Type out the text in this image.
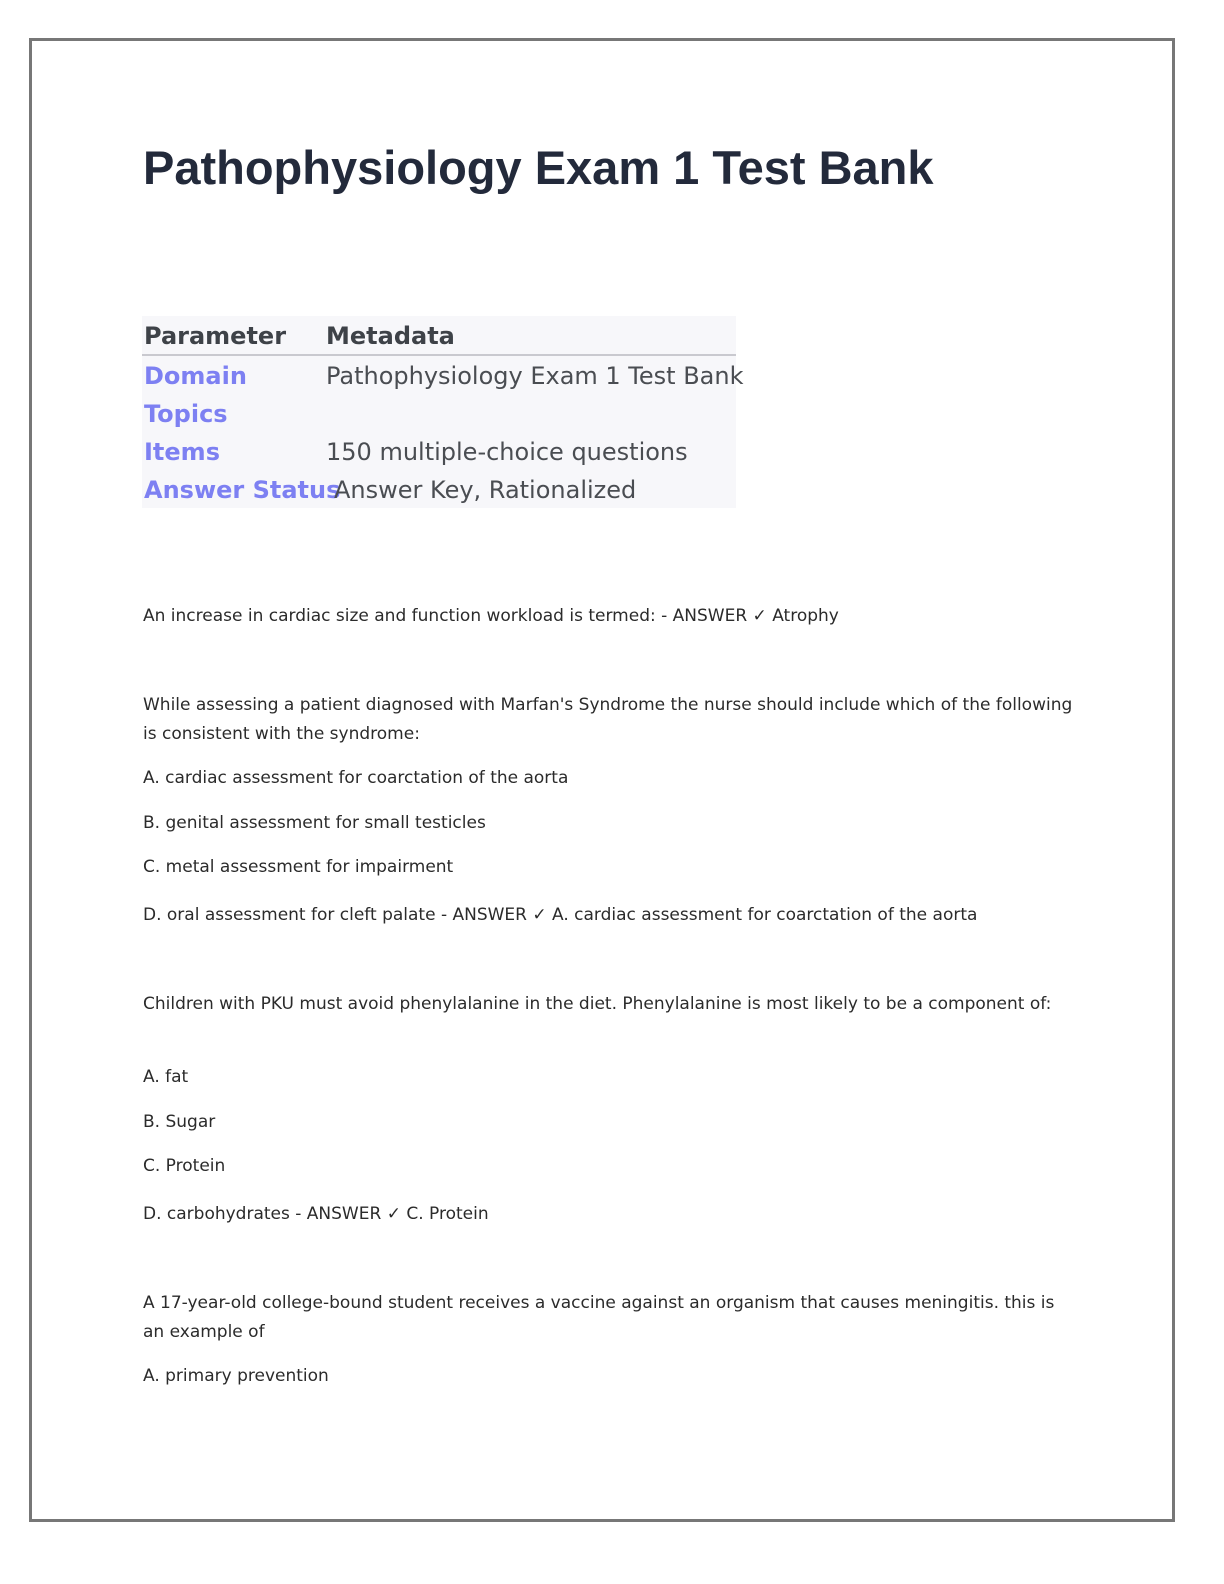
Pathophysiology Exam 1 Test Bank
Parameter Metadata
Domain	Pathophysiology Exam 1 Test Bank
Topics
Items	150 multiple-choice questions
Answer Status
Answer Key, Rationalized

An increase in cardiac size and function workload is termed: - ANSWER ✓ Atrophy

While assessing a patient diagnosed with Marfan's Syndrome the nurse should include which of the following is consistent with the syndrome:

A. cardiac assessment for coarctation of the aorta

B. genital assessment for small testicles

C. metal assessment for impairment

D. oral assessment for cleft palate - ANSWER ✓ A. cardiac assessment for coarctation of the aorta

Children with PKU must avoid phenylalanine in the diet. Phenylalanine is most likely to be a component of:

A. fat

B. Sugar

C. Protein

D. carbohydrates - ANSWER ✓ C. Protein

A 17-year-old college-bound student receives a vaccine against an organism that causes meningitis. this is an example of

A. primary prevention
